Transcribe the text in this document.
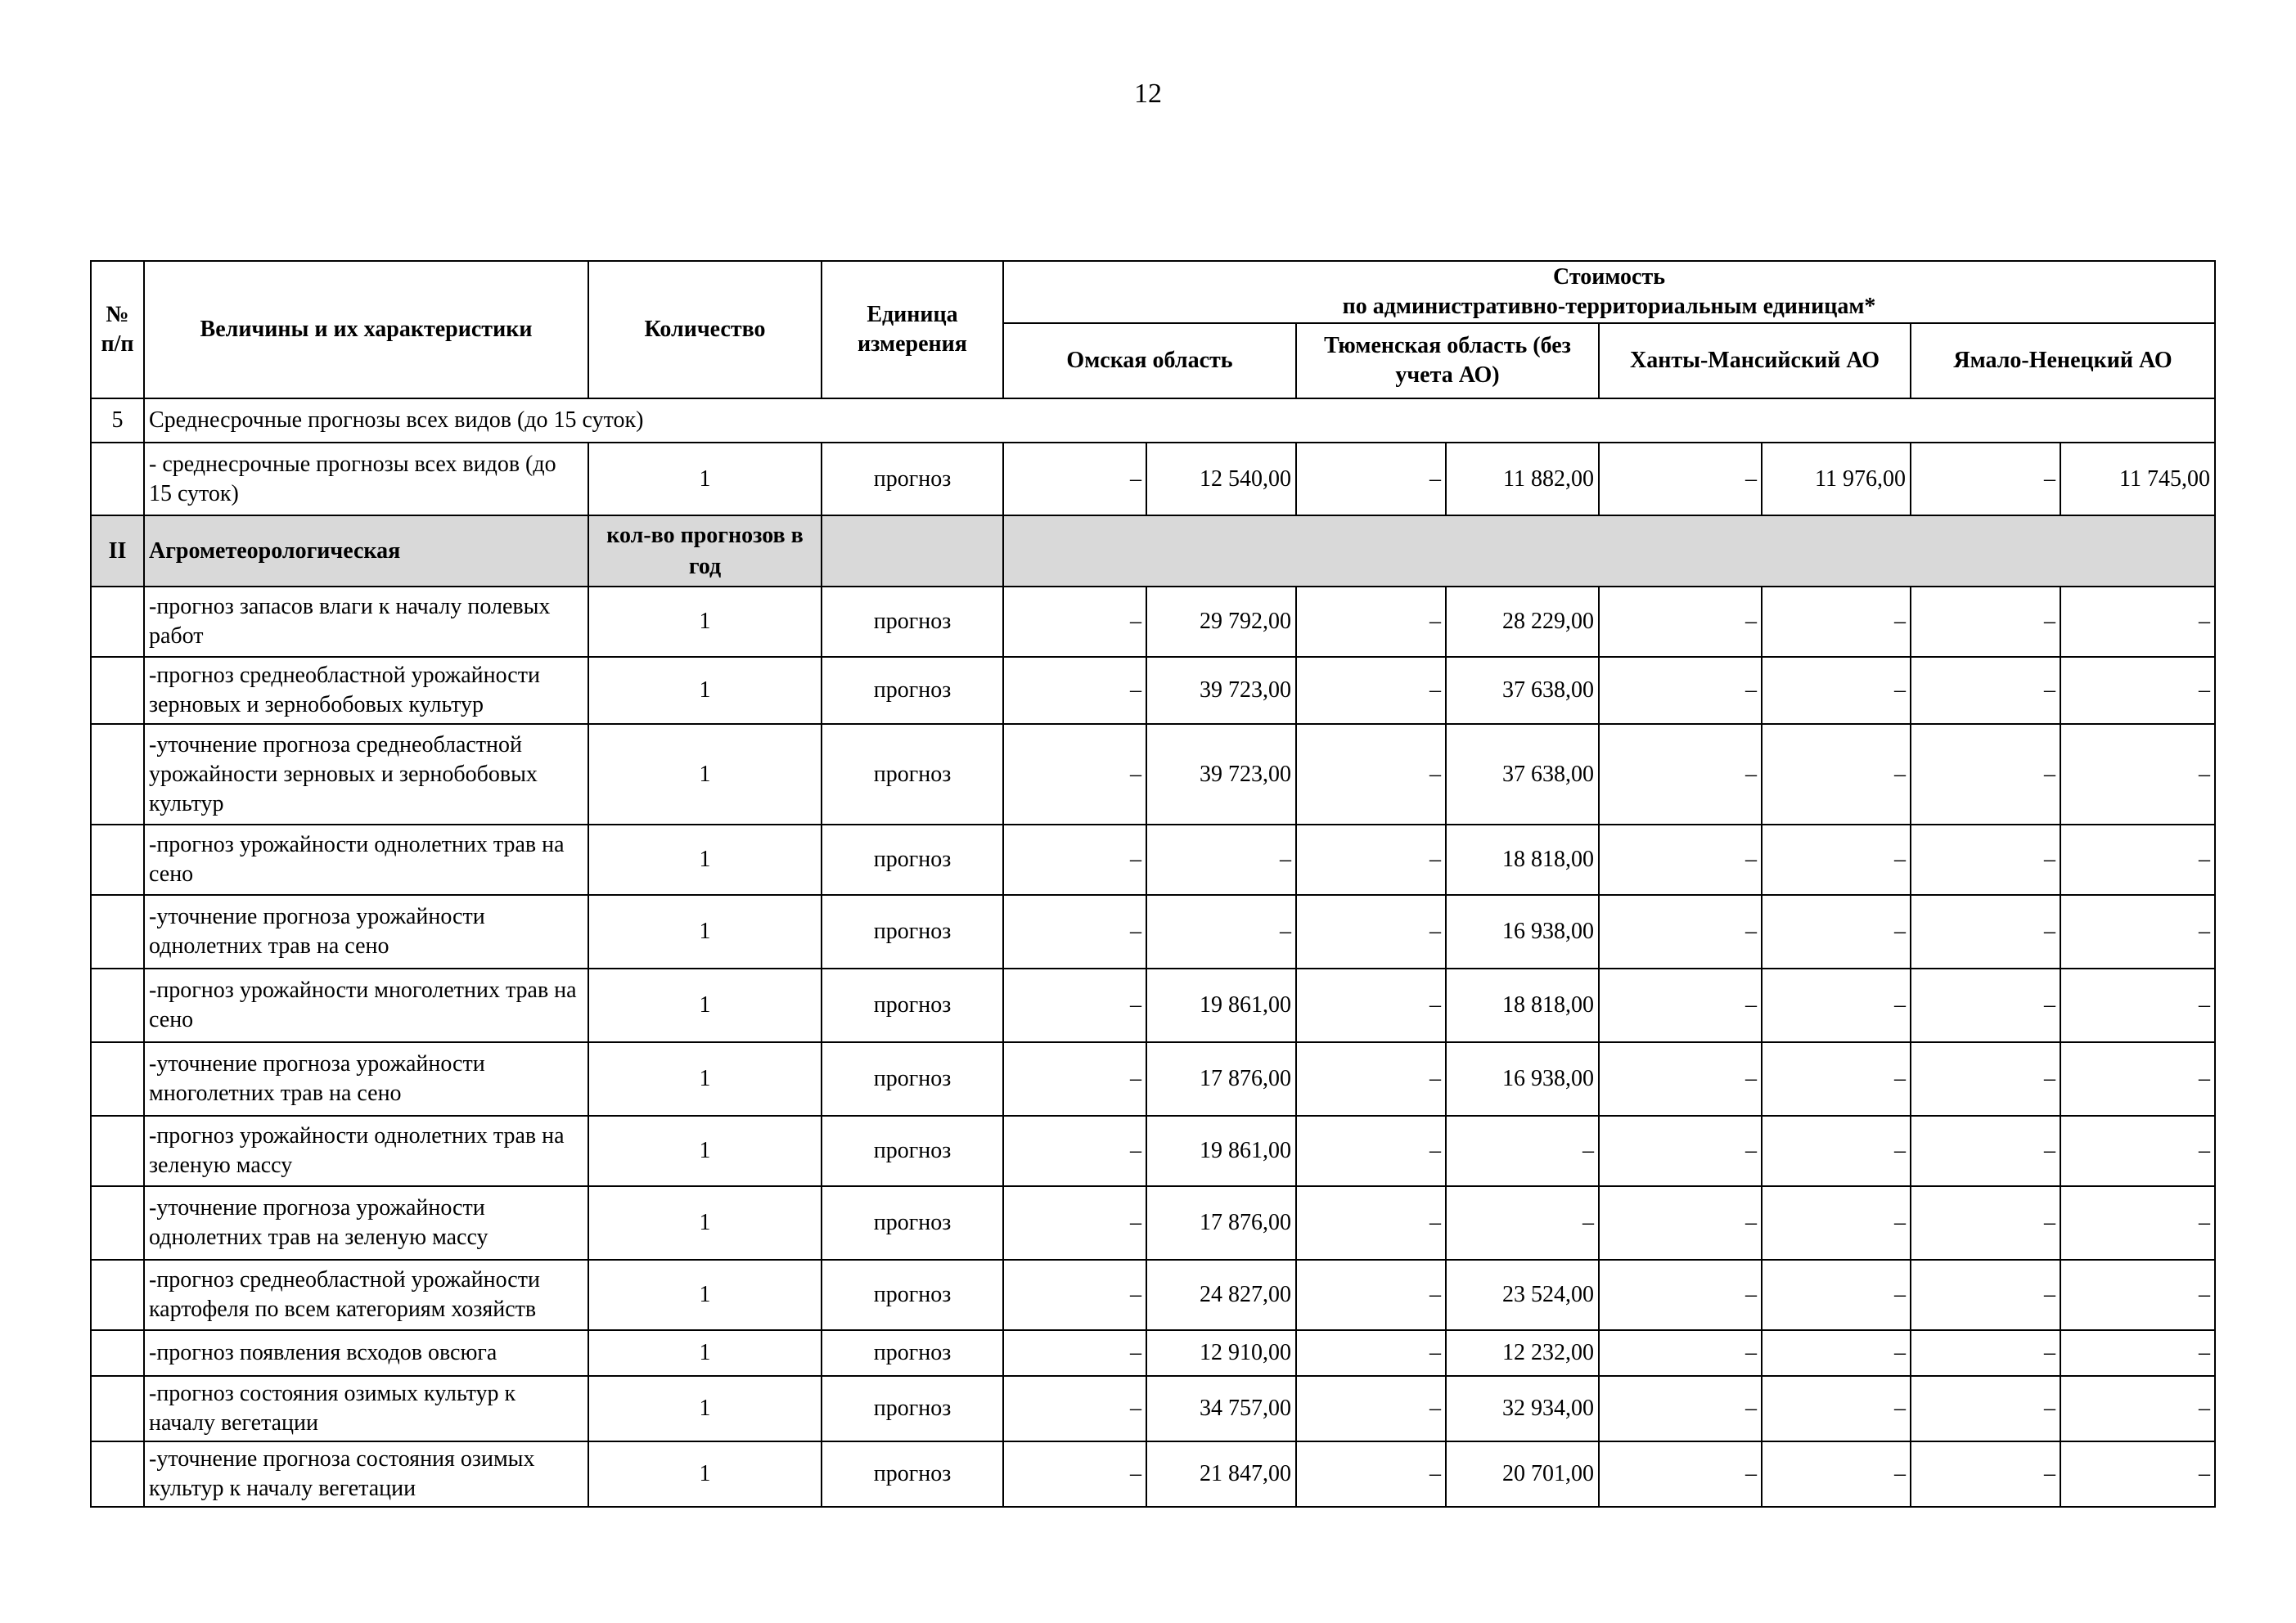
12
№ п/п	Величины и их характеристики	Количество	Единица измерения	Стоимость
по административно-территориальным единицам*							

				Омская область		Тюменская область (без учета АО)		Ханты-Мансийский АО		Ямало-Ненецкий АО	
5	Среднесрочные прогнозы всех видов (до 15 суток)										
	- среднесрочные прогнозы всех видов (до 15 суток)	1	прогноз	–	12 540,00	–	11 882,00	–	11 976,00	–	11 745,00
II	Агрометеорологическая	кол-во прогнозов в год									
	-прогноз запасов влаги к началу полевых работ	1	прогноз	–	29 792,00	–	28 229,00	–	–	–	–
	-прогноз среднеобластной урожайности зерновых и зернобобовых культур	1	прогноз	–	39 723,00	–	37 638,00	–	–	–	–
	-уточнение прогноза среднеобластной урожайности зерновых и зернобобовых культур	1	прогноз	–	39 723,00	–	37 638,00	–	–	–	–
	-прогноз урожайности однолетних трав на сено	1	прогноз	–	–	–	18 818,00	–	–	–	–
	-уточнение прогноза урожайности однолетних трав на сено	1	прогноз	–	–	–	16 938,00	–	–	–	–
	-прогноз урожайности многолетних трав на сено	1	прогноз	–	19 861,00	–	18 818,00	–	–	–	–
	-уточнение прогноза урожайности многолетних трав на сено	1	прогноз	–	17 876,00	–	16 938,00	–	–	–	–
	-прогноз урожайности однолетних трав на зеленую массу	1	прогноз	–	19 861,00	–	–	–	–	–	–
	-уточнение прогноза урожайности однолетних трав на зеленую массу	1	прогноз	–	17 876,00	–	–	–	–	–	–
	-прогноз среднеобластной урожайности картофеля по всем категориям хозяйств	1	прогноз	–	24 827,00	–	23 524,00	–	–	–	–
	-прогноз появления всходов овсюга	1	прогноз	–	12 910,00	–	12 232,00	–	–	–	–
	-прогноз состояния озимых культур к началу вегетации	1	прогноз	–	34 757,00	–	32 934,00	–	–	–	–
	-уточнение прогноза состояния озимых культур к началу вегетации	1	прогноз	–	21 847,00	–	20 701,00	–	–	–	–
